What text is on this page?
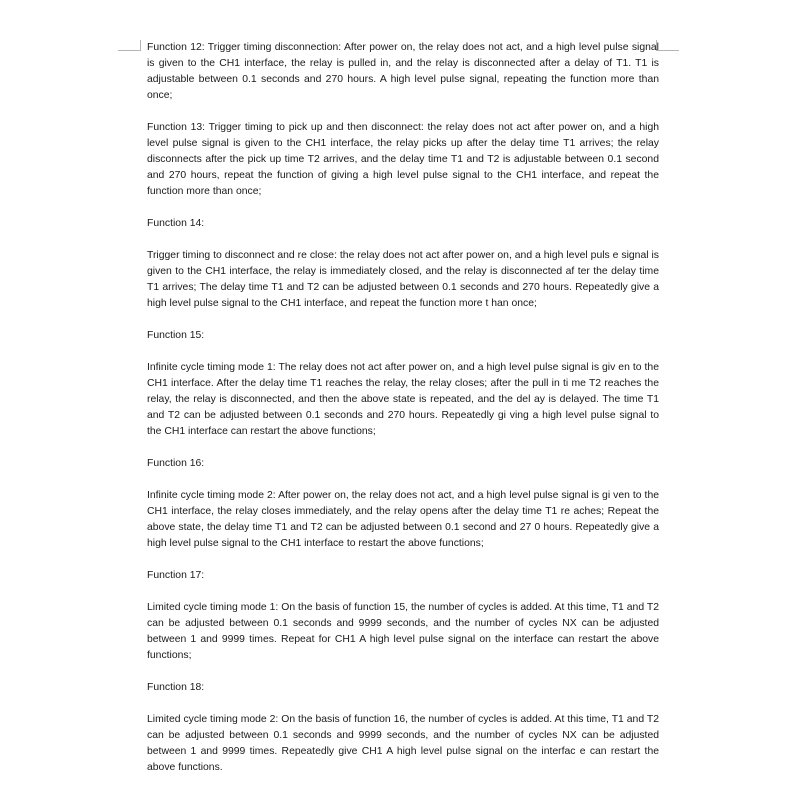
Function 12: Trigger timing disconnection: After power on, the relay does not act, and a high level pulse signal is given to the CH1 interface, the relay is pulled in, and the relay is disconnected after a delay of T1. T1 is adjustable between 0.1 seconds and 270 hours. A high level pulse signal, repeating the function more than once;

Function 13: Trigger timing to pick up and then disconnect: the relay does not act after power on, and a high level pulse signal is given to the CH1 interface, the relay picks up after the delay time T1 arrives; the relay disconnects after the pick up time T2 arrives, and the delay time T1 and T2 is adjustable between 0.1 second and 270 hours, repeat the function of giving a high level pulse signal to the CH1 interface, and repeat the function more than once;

Function 14:

Trigger timing to disconnect and re close: the relay does not act after power on, and a high level puls e signal is given to the CH1 interface, the relay is immediately closed, and the relay is disconnected af ter the delay time T1 arrives; The delay time T1 and T2 can be adjusted between 0.1 seconds and 270 hours. Repeatedly give a high level pulse signal to the CH1 interface, and repeat the function more t han once;

Function 15:

Infinite cycle timing mode 1: The relay does not act after power on, and a high level pulse signal is giv en to the CH1 interface. After the delay time T1 reaches the relay, the relay closes; after the pull in ti me T2 reaches the relay, the relay is disconnected, and then the above state is repeated, and the del ay is delayed. The time T1 and T2 can be adjusted between 0.1 seconds and 270 hours. Repeatedly gi ving a high level pulse signal to the CH1 interface can restart the above functions;

Function 16:

Infinite cycle timing mode 2: After power on, the relay does not act, and a high level pulse signal is gi ven to the CH1 interface, the relay closes immediately, and the relay opens after the delay time T1 re aches; Repeat the above state, the delay time T1 and T2 can be adjusted between 0.1 second and 27 0 hours. Repeatedly give a high level pulse signal to the CH1 interface to restart the above functions;

Function 17:

Limited cycle timing mode 1: On the basis of function 15, the number of cycles is added. At this time, T1 and T2 can be adjusted between 0.1 seconds and 9999 seconds, and the number of cycles NX can be adjusted between 1 and 9999 times. Repeat for CH1 A high level pulse signal on the interface can restart the above functions;

Function 18:

Limited cycle timing mode 2: On the basis of function 16, the number of cycles is added. At this time, T1 and T2 can be adjusted between 0.1 seconds and 9999 seconds, and the number of cycles NX can be adjusted between 1 and 9999 times. Repeatedly give CH1 A high level pulse signal on the interfac e can restart the above functions.
